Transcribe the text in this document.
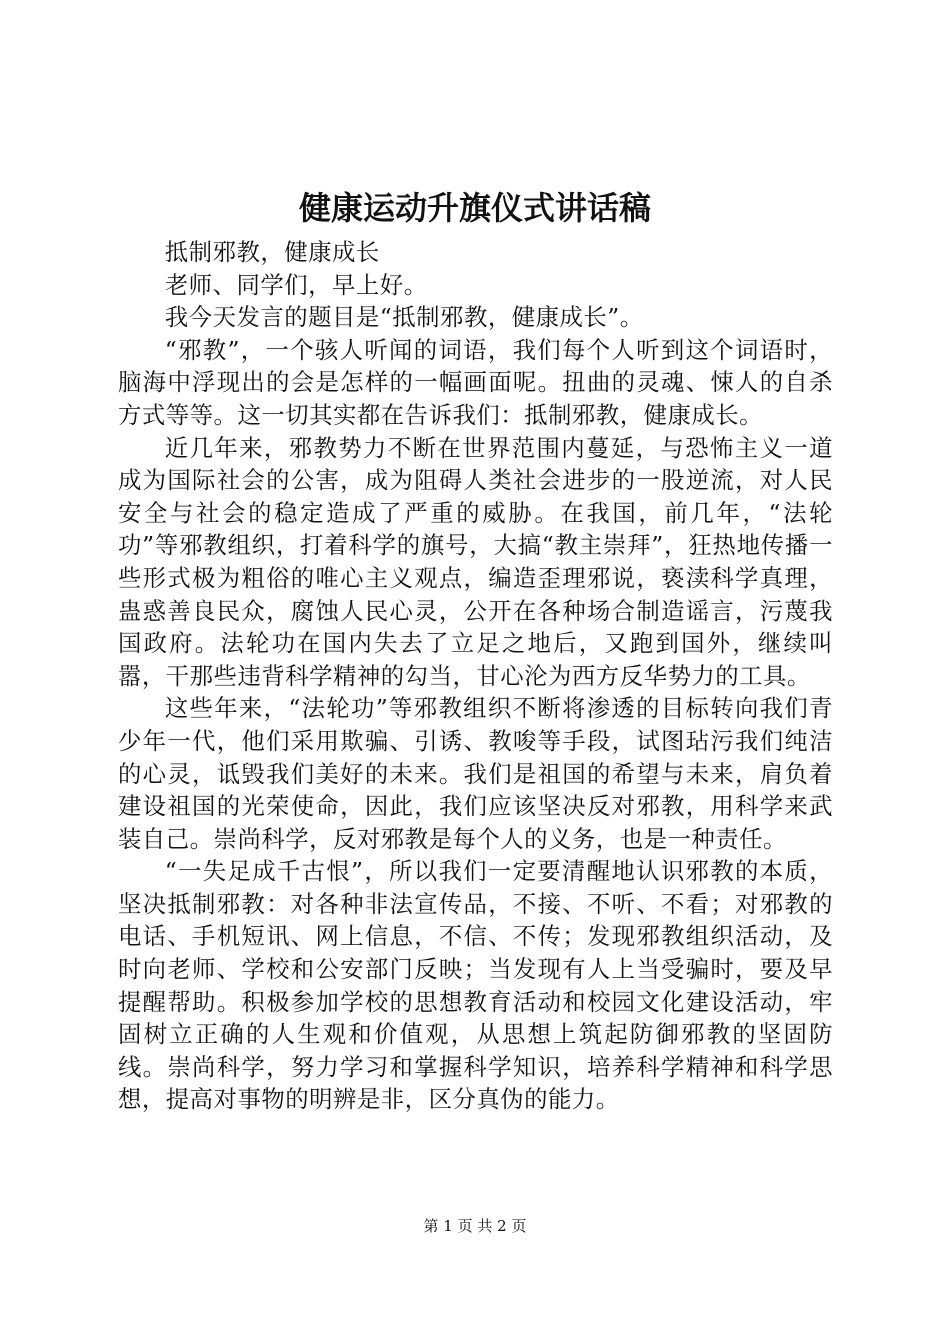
健康运动升旗仪式讲话稿

抵制邪教，健康成长

老师、同学们，早上好。

我今天发言的题目是“抵制邪教，健康成长”。

“邪教”，一个骇人听闻的词语，我们每个人听到这个词语时，脑海中浮现出的会是怎样的一幅画面呢。扭曲的灵魂、悚人的自杀方式等等。这一切其实都在告诉我们：抵制邪教，健康成长。

近几年来，邪教势力不断在世界范围内蔓延，与恐怖主义一道成为国际社会的公害，成为阻碍人类社会进步的一股逆流，对人民安全与社会的稳定造成了严重的威胁。在我国，前几年，“法轮功”等邪教组织，打着科学的旗号，大搞“教主崇拜”，狂热地传播一些形式极为粗俗的唯心主义观点，编造歪理邪说，亵渎科学真理，蛊惑善良民众，腐蚀人民心灵，公开在各种场合制造谣言，污蔑我国政府。法轮功在国内失去了立足之地后，又跑到国外，继续叫嚣，干那些违背科学精神的勾当，甘心沦为西方反华势力的工具。

这些年来，“法轮功”等邪教组织不断将渗透的目标转向我们青少年一代，他们采用欺骗、引诱、教唆等手段，试图玷污我们纯洁的心灵，诋毁我们美好的未来。我们是祖国的希望与未来，肩负着建设祖国的光荣使命，因此，我们应该坚决反对邪教，用科学来武装自己。崇尚科学，反对邪教是每个人的义务，也是一种责任。

“一失足成千古恨”，所以我们一定要清醒地认识邪教的本质，坚决抵制邪教：对各种非法宣传品，不接、不听、不看；对邪教的电话、手机短讯、网上信息，不信、不传；发现邪教组织活动，及时向老师、学校和公安部门反映；当发现有人上当受骗时，要及早提醒帮助。积极参加学校的思想教育活动和校园文化建设活动，牢固树立正确的人生观和价值观，从思想上筑起防御邪教的坚固防线。崇尚科学，努力学习和掌握科学知识，培养科学精神和科学思想，提高对事物的明辨是非，区分真伪的能力。

第 1 页 共 2 页
